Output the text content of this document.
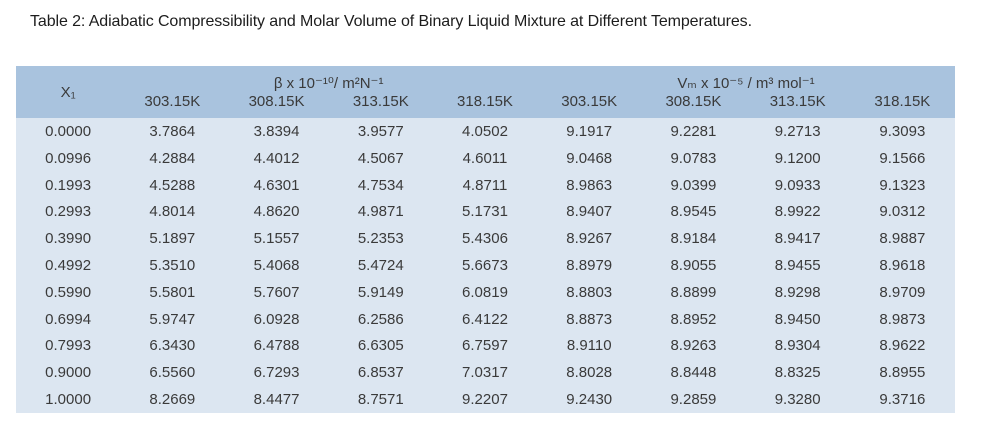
Table 2: Adiabatic Compressibility and Molar Volume of Binary Liquid Mixture at Different Temperatures.
X₁	β x 10⁻¹⁰/ m²N⁻¹				Vₘ x 10⁻⁵ / m³ mol⁻¹			
	303.15K	308.15K	313.15K	318.15K	303.15K	308.15K	313.15K	318.15K
0.0000	3.7864	3.8394	3.9577	4.0502	9.1917	9.2281	9.2713	9.3093
0.0996	4.2884	4.4012	4.5067	4.6011	9.0468	9.0783	9.1200	9.1566
0.1993	4.5288	4.6301	4.7534	4.8711	8.9863	9.0399	9.0933	9.1323
0.2993	4.8014	4.8620	4.9871	5.1731	8.9407	8.9545	8.9922	9.0312
0.3990	5.1897	5.1557	5.2353	5.4306	8.9267	8.9184	8.9417	8.9887
0.4992	5.3510	5.4068	5.4724	5.6673	8.8979	8.9055	8.9455	8.9618
0.5990	5.5801	5.7607	5.9149	6.0819	8.8803	8.8899	8.9298	8.9709
0.6994	5.9747	6.0928	6.2586	6.4122	8.8873	8.8952	8.9450	8.9873
0.7993	6.3430	6.4788	6.6305	6.7597	8.9110	8.9263	8.9304	8.9622
0.9000	6.5560	6.7293	6.8537	7.0317	8.8028	8.8448	8.8325	8.8955
1.0000	8.2669	8.4477	8.7571	9.2207	9.2430	9.2859	9.3280	9.3716
